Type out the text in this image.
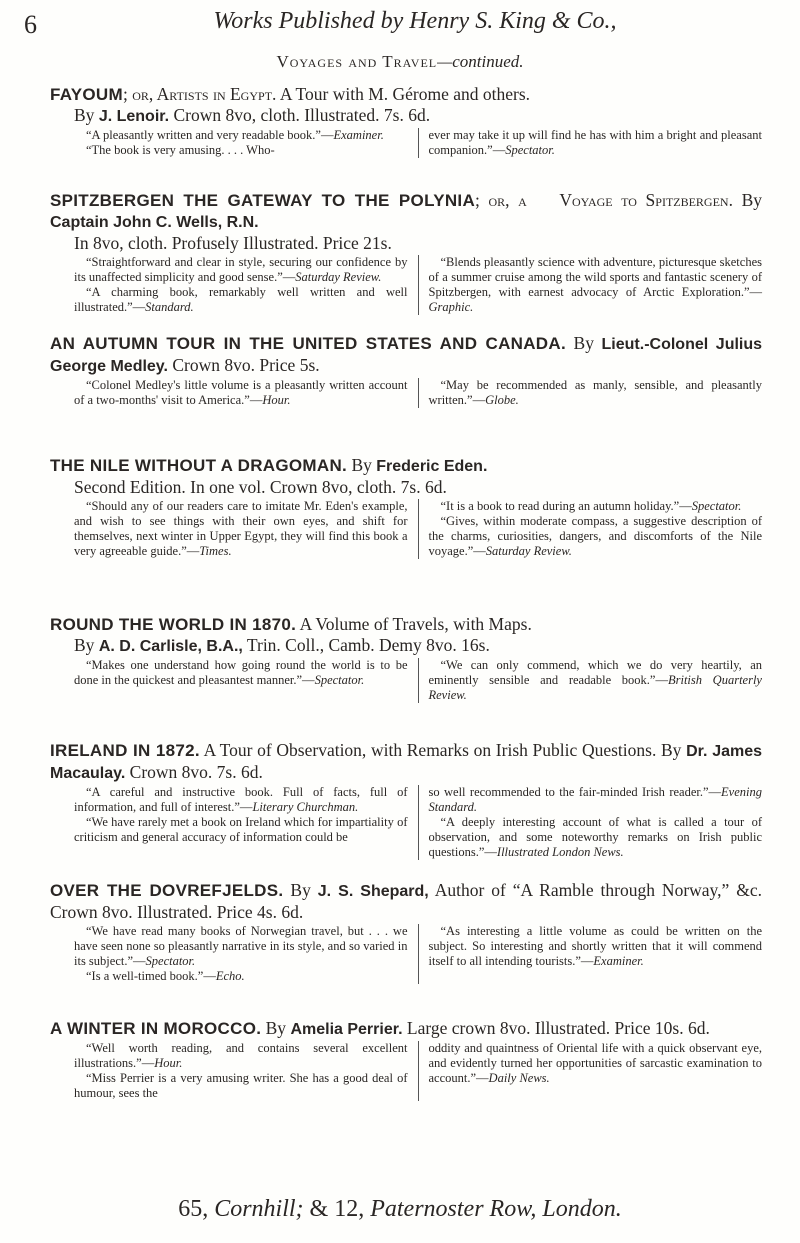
6	Works Published by Henry S. King & Co.,
Voyages and Travel—continued.

FAYOUM; or, Artists in Egypt. A Tour with M. Gérome and others.
By J. Lenoir. Crown 8vo, cloth. Illustrated. 7s. 6d.

“A pleasantly written and very readable book.”—Examiner.

“The book is very amusing. . . . Who-

ever may take it up will find he has with him a bright and pleasant companion.”—Spectator.

SPITZBERGEN THE GATEWAY TO THE POLYNIA; or, a Voyage to Spitzbergen. By Captain John C. Wells, R.N.
In 8vo, cloth. Profusely Illustrated. Price 21s.

“Straightforward and clear in style, securing our confidence by its unaffected simplicity and good sense.”—Saturday Review.

“A charming book, remarkably well written and well illustrated.”—Standard.

“Blends pleasantly science with adventure, picturesque sketches of a summer cruise among the wild sports and fantastic scenery of Spitzbergen, with earnest advocacy of Arctic Exploration.”—Graphic.

AN AUTUMN TOUR IN THE UNITED STATES AND CANADA. By Lieut.-Colonel Julius George Medley. Crown 8vo. Price 5s.

“Colonel Medley's little volume is a pleasantly written account of a two-months' visit to America.”—Hour.

“May be recommended as manly, sensible, and pleasantly written.”—Globe.

THE NILE WITHOUT A DRAGOMAN. By Frederic Eden.
Second Edition. In one vol. Crown 8vo, cloth. 7s. 6d.

“Should any of our readers care to imitate Mr. Eden's example, and wish to see things with their own eyes, and shift for themselves, next winter in Upper Egypt, they will find this book a very agreeable guide.”—Times.

“It is a book to read during an autumn holiday.”—Spectator.

“Gives, within moderate compass, a suggestive description of the charms, curiosities, dangers, and discomforts of the Nile voyage.”—Saturday Review.

ROUND THE WORLD IN 1870. A Volume of Travels, with Maps.
By A. D. Carlisle, B.A., Trin. Coll., Camb. Demy 8vo. 16s.

“Makes one understand how going round the world is to be done in the quickest and pleasantest manner.”—Spectator.

“We can only commend, which we do very heartily, an eminently sensible and readable book.”—British Quarterly Review.

IRELAND IN 1872. A Tour of Observation, with Remarks on Irish Public Questions. By Dr. James Macaulay. Crown 8vo. 7s. 6d.

“A careful and instructive book. Full of facts, full of information, and full of interest.”—Literary Churchman.

“We have rarely met a book on Ireland which for impartiality of criticism and general accuracy of information could be

so well recommended to the fair-minded Irish reader.”—Evening Standard.

“A deeply interesting account of what is called a tour of observation, and some noteworthy remarks on Irish public questions.”—Illustrated London News.

OVER THE DOVREFJELDS. By J. S. Shepard, Author of “A Ramble through Norway,” &c. Crown 8vo. Illustrated. Price 4s. 6d.

“We have read many books of Norwegian travel, but . . . we have seen none so pleasantly narrative in its style, and so varied in its subject.”—Spectator.

“Is a well-timed book.”—Echo.

“As interesting a little volume as could be written on the subject. So interesting and shortly written that it will commend itself to all intending tourists.”—Examiner.

A WINTER IN MOROCCO. By Amelia Perrier. Large crown 8vo. Illustrated. Price 10s. 6d.

“Well worth reading, and contains several excellent illustrations.”—Hour.

“Miss Perrier is a very amusing writer. She has a good deal of humour, sees the

oddity and quaintness of Oriental life with a quick observant eye, and evidently turned her opportunities of sarcastic examination to account.”—Daily News.

65, Cornhill; & 12, Paternoster Row, London.
